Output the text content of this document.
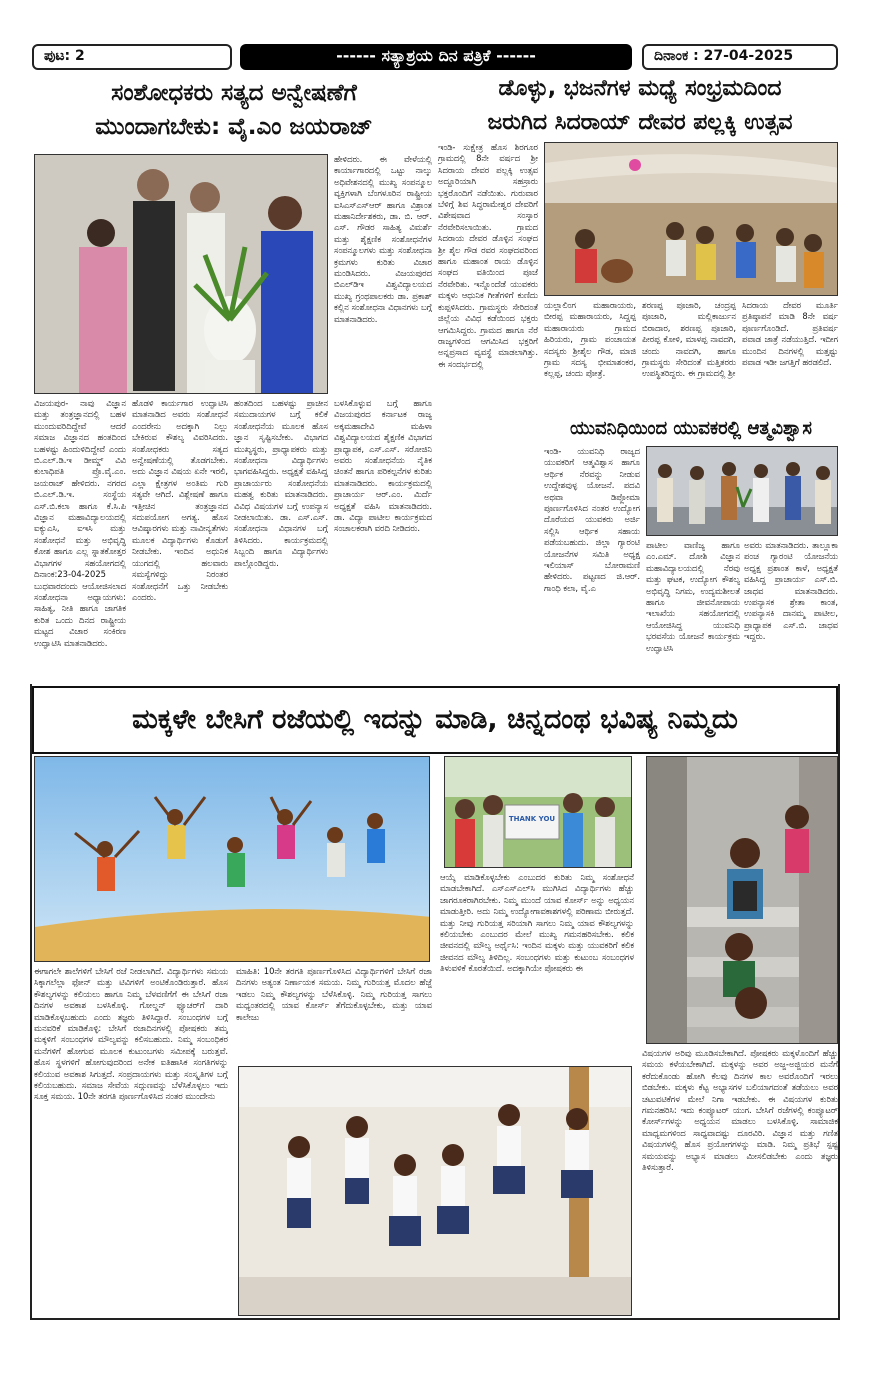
ಪುಟ: 2	------ ಸತ್ಯಾಶ್ರಯ ದಿನ ಪತ್ರಿಕೆ ------	ದಿನಾಂಕ : 27-04-2025
ಸಂಶೋಧಕರು ಸತ್ಯದ ಅನ್ವೇಷಣೆಗೆ
ಮುಂದಾಗಬೇಕು: ವೈ.ಎಂ ಜಯರಾಜ್
ಡೊಳ್ಳು, ಭಜನೆಗಳ ಮಧ್ಯೆ ಸಂಭ್ರಮದಿಂದ
ಜರುಗಿದ ಸಿದರಾಯ್ ದೇವರ ಪಲ್ಲಕ್ಕಿ ಉತ್ಸವ
ಹೇಳಿದರು. ಈ ವೇಳೆಯಲ್ಲಿ ಕಾರ್ಯಾಗಾರದಲ್ಲಿ ಒಟ್ಟು ನಾಲ್ಕು ಅಧಿವೇಶನದಲ್ಲಿ ಮುಖ್ಯ ಸಂಪನ್ಮೂಲ ವ್ಯಕ್ತಿಗಳಾಗಿ ಬೆಂಗಳೂರಿನ ರಾಷ್ಟ್ರೀಯ ಐಸಿಎಸ್‌ಎಸ್‌ಆರ್ ಹಾಗೂ ವಿಶ್ರಾಂತ ಮಹಾನಿರ್ದೇಶಕರು, ಡಾ. ಬಿ. ಆರ್. ಎಸ್. ಗೌಡರ ಸಾಹಿತ್ಯ ವಿಮರ್ಶೆ ಮತ್ತು ಶೈಕ್ಷಣಿಕ ಸಂಶೋಧನೆಗಳ ಸಂಪನ್ಮೂಲಗಳು ಮತ್ತು ಸಂಶೋಧನಾ ಕ್ರಮಗಳು ಕುರಿತು ವಿಚಾರ ಮಂಡಿಸಿದರು. ವಿಜಯಪುರದ ಬಿಎಲ್‌ಡಿಇ ವಿಶ್ವವಿದ್ಯಾಲಯದ ಮುಖ್ಯ ಗ್ರಂಥಪಾಲಕರು ಡಾ. ಪ್ರಕಾಶ್ ಕಲ್ಲಿನ ಸಂಶೋಧನಾ ವಿಧಾನಗಳು ಬಗ್ಗೆ ಮಾತನಾಡಿದರು.
ವಿಜಯಪುರ- ನಾವು ವಿಜ್ಞಾನ ಮತ್ತು ತಂತ್ರಜ್ಞಾನದಲ್ಲಿ ಬಹಳ ಮುಂದುವರಿದಿದ್ದೇವೆ ಆದರೆ ಸಮಾಜ ವಿಜ್ಞಾನದ ಹಂತದಿಂದ ಬಹಳಷ್ಟು ಹಿಂದುಳಿದಿದ್ದೇವೆ ಎಂದು ಬಿ.ಎಲ್.ಡಿ.ಇ ಡೀಮ್ಡ್ ವಿವಿ ಕುಲಾಧಿಪತಿ ಪ್ರೊ.ವೈ.ಎಂ. ಜಯರಾಜ್ ಹೇಳಿದರು. ನಗರದ ಬಿ.ಎಲ್.ಡಿ.ಇ. ಸಂಸ್ಥೆಯ ಎಸ್.ಬಿ.ಕಲಾ ಹಾಗೂ ಕೆ.ಸಿ.ಪಿ ವಿಜ್ಞಾನ ಮಹಾವಿದ್ಯಾಲಯದಲ್ಲಿ ಐಕ್ಯುಎಸಿ, ಐಇಸಿ ಮತ್ತು ಸಂಶೋಧನೆ ಮತ್ತು ಅಭಿವೃದ್ಧಿ ಕೋಶ ಹಾಗೂ ಎಲ್ಲ ಸ್ನಾತಕೋತ್ತರ ವಿಭಾಗಗಳ ಸಹಯೋಗದಲ್ಲಿ ದಿನಾಂಕ:23-04-2025 ಬುಧವಾರದಂದು ಆಯೋಜಿಸಲಾದ ಸಂಶೋಧನಾ ಅಧ್ಯಾಯಗಳು: ಸಾಹಿತ್ಯ, ನೀತಿ ಹಾಗೂ ಜಾಗತಿಕ ಕುರಿತ ಒಂದು ದಿನದ ರಾಷ್ಟ್ರೀಯ ಮಟ್ಟದ ವಿಚಾರ ಸಂಕಿರಣ ಉದ್ಘಾಟಿಸಿ ಮಾತನಾಡಿದರು.
ಹೊಡಳಿ ಕಾರ್ಯಗಾರ ಉದ್ಘಾಟಿಸಿ ಮಾತನಾಡಿದ ಅವರು ಸಂಶೋಧನೆ ಎಂದರೇನು ಅದಕ್ಕಾಗಿ ನಿಲ್ಲು ಬೇಕಿರುವ ಕೌಶಲ್ಯ ವಿವರಿಸಿದರು. ಸಂಶೋಧಕರು ಸತ್ಯದ ಅನ್ವೇಷಣೆಯಲ್ಲಿ ತೊಡಗಬೇಕು. ಅದು ವಿಜ್ಞಾನ ವಿಷಯ ಏನೇ ಇರಲಿ, ಎಲ್ಲಾ ಕ್ಷೇತ್ರಗಳ ಅಂತಿಮ ಗುರಿ ಸತ್ಯವೇ ಆಗಿದೆ. ವಿಶ್ಲೇಷಣೆ ಹಾಗೂ ಇತ್ತೀಚಿನ ತಂತ್ರಜ್ಞಾನದ ಸದುಪಯೋಗ ಅಗತ್ಯ. ಹೊಸ ಆವಿಷ್ಕಾರಗಳು ಮತ್ತು ನಾವೀನ್ಯತೆಗಳು ಮೂಲಕ ವಿದ್ಯಾರ್ಥಿಗಳು ಕೊಡುಗೆ ನೀಡಬೇಕು. ಇಂದಿನ ಅಧುನಿಕ ಯುಗದಲ್ಲಿ ಹಲವಾರು ಸಮಸ್ಯೆಗಳಿದ್ದು ನಿರಂತರ ಸಂಶೋಧನೆಗೆ ಒತ್ತು ನೀಡಬೇಕು ಎಂದರು.
ಹಂತದಿಂದ ಬಹಳಷ್ಟು ಪ್ರಾಚೀನ ಸಮುದಾಯಗಳ ಬಗ್ಗೆ ಕಲಿಕೆ ಸಂಶೋಧನೆಯ ಮೂಲಕ ಹೊಸ ಜ್ಞಾನ ಸೃಷ್ಟಿಸಬೇಕು. ವಿಭಾಗದ ಮುಖ್ಯಸ್ಥರು, ಪ್ರಾಧ್ಯಾಪಕರು ಮತ್ತು ಸಂಶೋಧನಾ ವಿದ್ಯಾರ್ಥಿಗಳು ಭಾಗವಹಿಸಿದ್ದರು. ಅಧ್ಯಕ್ಷತೆ ವಹಿಸಿದ್ದ ಪ್ರಾಚಾರ್ಯರು ಸಂಶೋಧನೆಯ ಮಹತ್ವ ಕುರಿತು ಮಾತನಾಡಿದರು. ವಿವಿಧ ವಿಷಯಗಳ ಬಗ್ಗೆ ಉಪನ್ಯಾಸ ನೀಡಲಾಯಿತು. ಡಾ. ಎಸ್.ಎಸ್. ಸಂಶೋಧನಾ ವಿಧಾನಗಳ ಬಗ್ಗೆ ತಿಳಿಸಿದರು. ಕಾರ್ಯಕ್ರಮದಲ್ಲಿ ಸಿಬ್ಬಂದಿ ಹಾಗೂ ವಿದ್ಯಾರ್ಥಿಗಳು ಪಾಲ್ಗೊಂಡಿದ್ದರು.
ಬಳಸಿಕೊಳ್ಳುವ ಬಗ್ಗೆ ಹಾಗೂ ವಿಜಯಪುರದ ಕರ್ನಾಟಕ ರಾಜ್ಯ ಅಕ್ಕಮಹಾದೇವಿ ಮಹಿಳಾ ವಿಶ್ವವಿದ್ಯಾಲಯದ ಶೈಕ್ಷಣಿಕ ವಿಭಾಗದ ಪ್ರಾಧ್ಯಾಪಕ, ಎಸ್.ಎಸ್. ಸರೋಜಿನಿ ಅವರು ಸಂಶೋಧನೆಯ ನೈತಿಕ ಚಿಂತನೆ ಹಾಗೂ ಪರಿಕಲ್ಪನೆಗಳ ಕುರಿತು ಮಾತನಾಡಿದರು. ಕಾರ್ಯಕ್ರಮದಲ್ಲಿ ಪ್ರಾಚಾರ್ಯ ಆರ್.ಎಂ. ಮಿರ್ದೆ ಅಧ್ಯಕ್ಷತೆ ವಹಿಸಿ ಮಾತನಾಡಿದರು. ಡಾ. ವಿದ್ಯಾ ಪಾಟೀಲ ಕಾರ್ಯಕ್ರಮದ ಸಂಚಾಲಕರಾಗಿ ವರದಿ ನೀಡಿದರು.
ಇಂಡಿ- ಸುಕ್ಷೇತ್ರ ಹೊಸ ಶಿರಗೂರ ಗ್ರಾಮದಲ್ಲಿ 8ನೇ ವರ್ಷದ ಶ್ರೀ ಸಿದರಾಯ ದೇವರ ಪಲ್ಲಕ್ಕಿ ಉತ್ಸವ ಅದ್ದೂರಿಯಾಗಿ ಸಹಸ್ರಾರು ಭಕ್ತರೊಂದಿಗೆ ನಡೆಯಿತು. ಗುರುವಾರ ಬೆಳಿಗ್ಗೆ ಶಿವ ಸಿದ್ಧರಾಮೇಶ್ವರ ದೇವರಿಗೆ ವಿಶೇಷವಾದ ಸಂಸ್ಕಾರ ನೆರವೇರಿಸಲಾಯಿತು. ಗ್ರಾಮದ ಸಿದರಾಯ ದೇವರ ಡೊಳ್ಳಿನ ಸಂಘದ ಶ್ರೀ ಶೈಲ ಗೌಡ ರವರ ಸಂಘದವರಿಂದ ಹಾಗೂ ಮಹಾಂತ ರಾಯ ಡೊಳ್ಳಿನ ಸಂಘದ ವತಿಯಿಂದ ಪೂಜೆ ನೆರವೇರಿತು. ಇನ್ನೊಂದೆಡೆ ಯುವಕರು ಮಕ್ಕಳು ಆಧುನಿಕ ಗೀತೆಗಳಿಗೆ ಕುಣಿದು ಕುಪ್ಪಳಿಸಿದರು. ಗ್ರಾಮಸ್ಥರು ಸೇರಿದಂತೆ ಜಿಲ್ಲೆಯ ವಿವಿಧ ಕಡೆಯಿಂದ ಭಕ್ತರು ಆಗಮಿಸಿದ್ದರು. ಗ್ರಾಮದ ಹಾಗೂ ನೆರೆ ರಾಜ್ಯಗಳಿಂದ ಆಗಮಿಸಿದ ಭಕ್ತರಿಗೆ ಅನ್ನಪ್ರಸಾದ ವ್ಯವಸ್ಥೆ ಮಾಡಲಾಗಿತ್ತು. ಈ ಸಂದರ್ಭದಲ್ಲಿ
ಯಲ್ಲಾಲಿಂಗ ಮಹಾರಾಯರು, ಬೀರಪ್ಪ ಮಹಾರಾಯರು, ಸಿದ್ದಪ್ಪ ಮಹಾರಾಯರು ಗ್ರಾಮದ ಹಿರಿಯರು, ಗ್ರಾಮ ಪಂಚಾಯತ ಸದಸ್ಯರು ಶ್ರೀಶೈಲ ಗೌಡ, ಮಾಜಿ ಗ್ರಾಮ ಸದಸ್ಯ ಭೀಮಾಶಂಕರ, ಕಲ್ಲಪ್ಪ, ಚಂದು ಪೋತ್ರೆ.
ಶರಣಪ್ಪ ಪೂಜಾರಿ, ಚಂದ್ರಪ್ಪ ಪೂಜಾರಿ, ಮಲ್ಲಿಕಾರ್ಜುನ ಬಿರಾದಾರ, ಶರಣಪ್ಪ ಪೂಜಾರಿ, ಪೀರಪ್ಪ ಕೋಳಿ, ಮಾಳಪ್ಪ ನಾವದಗಿ, ಚಂದು ನಾವದಗಿ, ಹಾಗೂ ಗ್ರಾಮಸ್ಥರು ಸೇರಿದಂತೆ ಮತ್ತಿತರರು ಉಪಸ್ಥಿತರಿದ್ದರು. ಈ ಗ್ರಾಮದಲ್ಲಿ ಶ್ರೀ
ಸಿದರಾಯ ದೇವರ ಮೂರ್ತಿ ಪ್ರತಿಷ್ಠಾಪನೆ ಮಾಡಿ 8ನೇ ವರ್ಷ ಪೂರ್ಣಗೊಂಡಿದೆ. ಪ್ರತಿವರ್ಷ ಪವಾಡ ಜಾತ್ರೆ ನಡೆಯುತ್ತಿದೆ. ಇದೀಗ ಮುಂದಿನ ದಿನಗಳಲ್ಲಿ ಮತ್ತಷ್ಟು ಪವಾಡ ಇಡೀ ಜಗತ್ತಿಗೆ ಹರಡಲಿದೆ.
ಯುವನಿಧಿಯಿಂದ ಯುವಕರಲ್ಲಿ ಆತ್ಮವಿಶ್ವಾಸ
ಇಂಡಿ- ಯುವನಿಧಿ ರಾಜ್ಯದ ಯುವಕರಿಗೆ ಆತ್ಮವಿಶ್ವಾಸ ಹಾಗೂ ಆರ್ಥಿಕ ನೆರವನ್ನು ನೀಡುವ ಉದ್ದೇಶವುಳ್ಳ ಯೋಜನೆ. ಪದವಿ ಅಥವಾ ಡಿಪ್ಲೋಮಾ ಪೂರ್ಣಗೊಳಿಸಿದ ನಂತರ ಉದ್ಯೋಗ ದೊರೆಯದ ಯುವಕರು ಅರ್ಜಿ ಸಲ್ಲಿಸಿ ಆರ್ಥಿಕ ಸಹಾಯ ಪಡೆಯಬಹುದು. ಜಿಲ್ಲಾ ಗ್ಯಾರಂಟಿ ಯೋಜನೆಗಳ ಸಮಿತಿ ಅಧ್ಯಕ್ಷ ಇಲಿಯಾಸ್ ಬೋರಾಮಣಿ ಹೇಳಿದರು. ಪಟ್ಟಣದ ಜಿ.ಆರ್. ಗಾಂಧಿ ಕಲಾ, ವೈ.ಎ
ಪಾಟೀಲ ವಾಣಿಜ್ಯ ಹಾಗೂ ಎಂ.ಎಮ್. ದೋಶಿ ವಿಜ್ಞಾನ ಮಹಾವಿದ್ಯಾಲಯದಲ್ಲಿ ನೆರವು ಮತ್ತು ಘಟಕ, ಉದ್ಯೋಗ ಕೌಶಲ್ಯ ಅಭಿವೃದ್ಧಿ ನಿಗಮ, ಉದ್ಯಮಶೀಲತೆ ಹಾಗೂ ಜೀವನೋಪಾಯ ಇಲಾಖೆಯ ಸಹಯೋಗದಲ್ಲಿ ಆಯೋಜಿಸಿದ್ದ ಯುವನಿಧಿ ಭರವಸೆಯ ಯೋಜನೆ ಕಾರ್ಯಕ್ರಮ ಉದ್ಘಾಟಿಸಿ
ಅವರು ಮಾತನಾಡಿದರು. ತಾಲ್ಲೂಕಾ ಪಂಚ ಗ್ಯಾರಂಟಿ ಯೋಜನೆಯ ಅಧ್ಯಕ್ಷ ಪ್ರಶಾಂತ ಕಾಳೆ, ಅಧ್ಯಕ್ಷತೆ ವಹಿಸಿದ್ದ ಪ್ರಾಚಾರ್ಯ ಎಸ್.ಬಿ. ಜಾಧವ ಮಾತನಾಡಿದರು. ಉಪನ್ಯಾಸಕ ಶ್ರೇತಾ ಕಾಂತ, ಉಪನ್ಯಾಸಕಿ ದಾನಮ್ಮ ಪಾಟೀಲ, ಪ್ರಾಧ್ಯಾಪಕ ಎಸ್.ಬಿ. ಜಾಧವ ಇದ್ದರು.
ಮಕ್ಕಳೇ ಬೇಸಿಗೆ ರಜೆಯಲ್ಲಿ ಇದನ್ನು ಮಾಡಿ, ಚಿನ್ನದಂಥ ಭವಿಷ್ಯ ನಿಮ್ಮದು
THANK YOU
ಆಯ್ಕೆ ಮಾಡಿಕೊಳ್ಳಬೇಕು ಎಂಬುದರ ಕುರಿತು ನಿಮ್ಮ ಸಂಶೋಧನೆ ಮಾಡಬೇಕಾಗಿದೆ. ಎಸ್‌ಎಸ್‌ಎಲ್‌ಸಿ ಮುಗಿಸಿದ ವಿದ್ಯಾರ್ಥಿಗಳು ಹೆಚ್ಚು ಜಾಗರೂಕರಾಗಿರಬೇಕು. ನಿಮ್ಮ ಮುಂದೆ ಯಾವ ಕೋರ್ಸ್ ಅನ್ನು ಅಧ್ಯಯನ ಮಾಡುತ್ತೀರಿ. ಅದು ನಿಮ್ಮ ಉದ್ಯೋಗಾವಕಾಶಗಳಲ್ಲಿ ಪರಿಣಾಮ ಬೀರುತ್ತದೆ. ಮತ್ತು ನೀವು ಗುರಿಯತ್ತ ಸರಿಯಾಗಿ ಸಾಗಲು ನಿಮ್ಮ ಯಾವ ಕೌಶಲ್ಯಗಳನ್ನು ಕಲಿಯಬೇಕು ಎಂಬುದರ ಮೇಲೆ ಮುಖ್ಯ ಗಮನಹರಿಸಬೇಕು. ಕಲಿಕ ಜೀವನದಲ್ಲಿ ಮೌಲ್ಯ ಅರ್ಥೈಸಿ: ಇಂದಿನ ಮಕ್ಕಳು ಮತ್ತು ಯುವಕರಿಗೆ ಕಲಿಕ ಜೀವನದ ಮೌಲ್ಯ ತಿಳಿದಿಲ್ಲ. ಸಂಬಂಧಗಳು ಮತ್ತು ಕುಟುಂಬ ಸಂಬಂಧಗಳ ತಿಳುವಳಿಕೆ ಕೊರತೆಯಿದೆ. ಅದಕ್ಕಾಗಿಯೇ ಪೋಷಕರು ಈ
ಈಗಾಗಲೇ ಶಾಲೆಗಳಿಗೆ ಬೇಸಿಗೆ ರಜೆ ನೀಡಲಾಗಿದೆ. ವಿದ್ಯಾರ್ಥಿಗಳು ಸಮಯ ಸಿಕ್ಕಾಗಲೆಲ್ಲಾ ಫೋನ್ ಮತ್ತು ಟಿವಿಗಳಿಗೆ ಅಂಟಿಕೊಂಡಿರುತ್ತಾರೆ. ಹೊಸ ಕೌಶಲ್ಯಗಳನ್ನು ಕಲಿಯಲು ಹಾಗೂ ನಿಮ್ಮ ಬೆಳವಣಿಗೆಗೆ ಈ ಬೇಸಿಗೆ ರಜಾ ದಿನಗಳ ಅವಕಾಶ ಬಳಸಿಕೊಳ್ಳಿ. ಗೋಲ್ಡನ್ ಫ್ಯೂಚರ್‌ಗೆ ದಾರಿ ಮಾಡಿಕೊಳ್ಳಬಹುದು ಎಂದು ತಜ್ಞರು ತಿಳಿಸಿದ್ದಾರೆ. ಸಂಬಂಧಗಳ ಬಗ್ಗೆ ಮನವರಿಕೆ ಮಾಡಿಕೊಳ್ಳಿ: ಬೇಸಿಗೆ ರಜಾದಿನಗಳಲ್ಲಿ ಪೋಷಕರು ತಮ್ಮ ಮಕ್ಕಳಿಗೆ ಸಂಬಂಧಗಳ ಮೌಲ್ಯವನ್ನು ಕಲಿಸಬಹುದು. ನಿಮ್ಮ ಸಂಬಂಧಿಕರ ಮನೆಗಳಿಗೆ ಹೋಗುವ ಮೂಲಕ ಕುಟುಂಬಗಳು ಸಮೀಪಕ್ಕೆ ಬರುತ್ತವೆ. ಹೊಸ ಸ್ಥಳಗಳಿಗೆ ಹೋಗುವುದರಿಂದ ಅನೇಕ ಐತಿಹಾಸಿಕ ಸಂಗತಿಗಳನ್ನು ಕಲಿಯುವ ಅವಕಾಶ ಸಿಗುತ್ತದೆ. ಸಂಪ್ರದಾಯಗಳು ಮತ್ತು ಸಂಸ್ಕೃತಿಗಳ ಬಗ್ಗೆ ಕಲಿಯಬಹುದು. ಸಮಾಜ ಸೇವೆಯ ಸದ್ಗುಣವನ್ನು ಬೆಳೆಸಿಕೊಳ್ಳಲು ಇದು ಸೂಕ್ತ ಸಮಯ. 10ನೇ ತರಗತಿ ಪೂರ್ಣಗೊಳಿಸಿದ ನಂತರ ಮುಂದೇನು
ಮಾಹಿತಿ: 10ನೇ ತರಗತಿ ಪೂರ್ಣಗೊಳಿಸಿದ ವಿದ್ಯಾರ್ಥಿಗಳಿಗೆ ಬೇಸಿಗೆ ರಜಾ ದಿನಗಳು ಅತ್ಯಂತ ನಿರ್ಣಾಯಕ ಸಮಯ. ನಿಮ್ಮ ಗುರಿಯತ್ತ ಮೊದಲ ಹೆಜ್ಜೆ ಇಡಲು ನಿಮ್ಮ ಕೌಶಲ್ಯಗಳನ್ನು ಬೆಳೆಸಿಕೊಳ್ಳಿ. ನಿಮ್ಮ ಗುರಿಯತ್ತ ಸಾಗಲು ಮಧ್ಯಂತರದಲ್ಲಿ ಯಾವ ಕೋರ್ಸ್ ತೆಗೆದುಕೊಳ್ಳಬೇಕು, ಮತ್ತು ಯಾವ ಕಾಲೇಜು
ವಿಷಯಗಳ ಅರಿವು ಮೂಡಿಸಬೇಕಾಗಿದೆ. ಪೋಷಕರು ಮಕ್ಕಳೊಂದಿಗೆ ಹೆಚ್ಚು ಸಮಯ ಕಳೆಯಬೇಕಾಗಿದೆ. ಮಕ್ಕಳನ್ನು ಅವರ ಅಜ್ಜ-ಅಜ್ಜಿಯರ ಮನೆಗೆ ಕರೆದುಕೊಂಡು ಹೋಗಿ ಕೆಲವು ದಿನಗಳ ಕಾಲ ಅವರೊಂದಿಗೆ ಇರಲು ಬಿಡಬೇಕು. ಮಕ್ಕಳು ಕೆಟ್ಟ ಅಭ್ಯಾಸಗಳ ಬಲಿಯಾಗದಂತೆ ತಡೆಯಲು ಅವರ ಚಟುವಟಿಕೆಗಳ ಮೇಲೆ ನಿಗಾ ಇಡಬೇಕು. ಈ ವಿಷಯಗಳ ಕುರಿತು ಗಮನಹರಿಸಿ: ಇದು ಕಂಪ್ಯೂಟರ್ ಯುಗ. ಬೇಸಿಗೆ ರಜೆಗಳಲ್ಲಿ ಕಂಪ್ಯೂಟರ್ ಕೋರ್ಸ್‌ಗಳನ್ನು ಅಧ್ಯಯನ ಮಾಡಲು ಬಳಸಿಕೊಳ್ಳಿ. ಸಾಮಾಜಿಕ ಮಾಧ್ಯಮಗಳಿಂದ ಸಾಧ್ಯವಾದಷ್ಟು ದೂರವಿರಿ. ವಿಜ್ಞಾನ ಮತ್ತು ಗಣಿತ ವಿಷಯಗಳಲ್ಲಿ ಹೊಸ ಪ್ರಯೋಗಗಳನ್ನು ಮಾಡಿ. ನಿಮ್ಮ ಪ್ರತಿಭೆ ಸ್ಪಷ್ಟ ಸಮಯವನ್ನು ಅಭ್ಯಾಸ ಮಾಡಲು ಮೀಸಲಿಡಬೇಕು ಎಂದು ತಜ್ಞರು ತಿಳಿಸುತ್ತಾರೆ.
